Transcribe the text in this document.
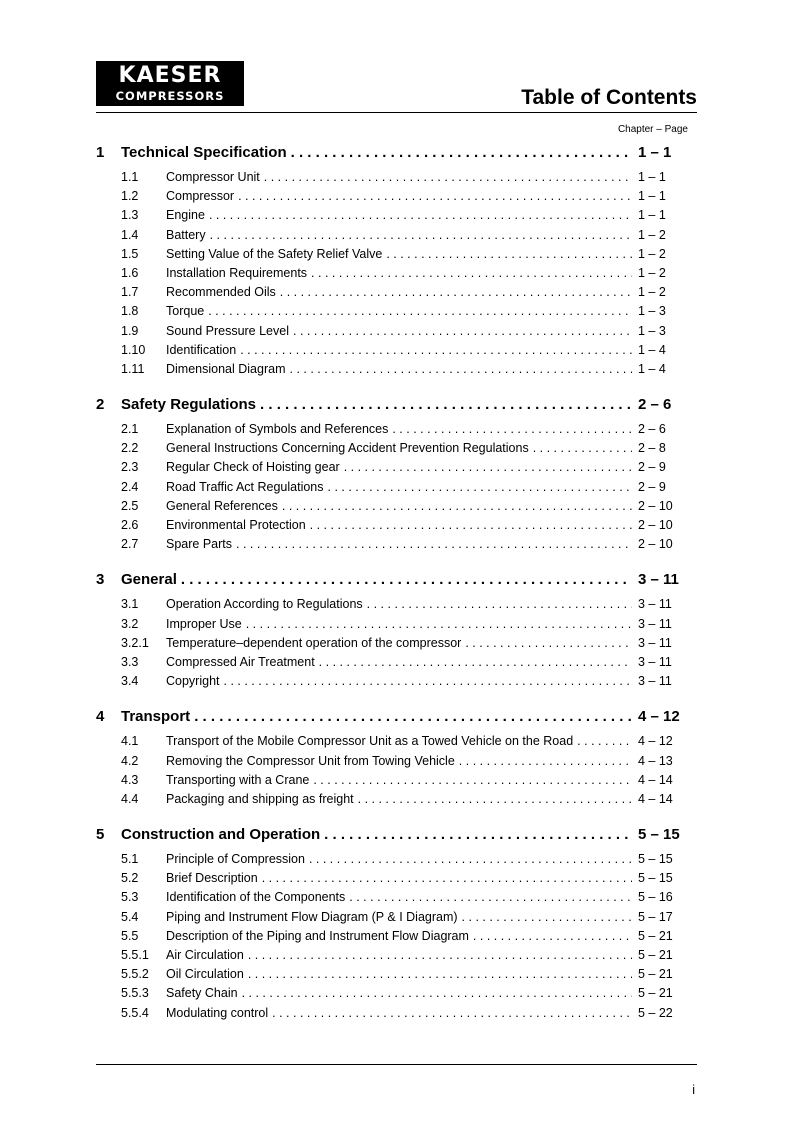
KAESER
COMPRESSORS	Table of Contents
Chapter – Page
1	Technical Specification . . .	1 – 1
1.1	Compressor Unit . . .	1 – 1
1.2	Compressor . . .	1 – 1
1.3	Engine . . .	1 – 1
1.4	Battery . . .	1 – 2
1.5	Setting Value of the Safety Relief Valve . . .	1 – 2
1.6	Installation Requirements . . .	1 – 2
1.7	Recommended Oils . . .	1 – 2
1.8	Torque . . .	1 – 3
1.9	Sound Pressure Level . . .	1 – 3
1.10	Identification . . .	1 – 4
1.11	Dimensional Diagram . . .	1 – 4
2	Safety Regulations . . .	2 – 6
2.1	Explanation of Symbols and References . . .	2 – 6
2.2	General Instructions Concerning Accident Prevention Regulations . . .	2 – 8
2.3	Regular Check of Hoisting gear . . .	2 – 9
2.4	Road Traffic Act Regulations . . .	2 – 9
2.5	General References . . .	2 – 10
2.6	Environmental Protection . . .	2 – 10
2.7	Spare Parts . . .	2 – 10
3	General . . .	3 – 11
3.1	Operation According to Regulations . . .	3 – 11
3.2	Improper Use . . .	3 – 11
3.2.1	Temperature–dependent operation of the compressor . . .	3 – 11
3.3	Compressed Air Treatment . . .	3 – 11
3.4	Copyright . . .	3 – 11
4	Transport . . .	4 – 12
4.1	Transport of the Mobile Compressor Unit as a Towed Vehicle on the Road . . .	4 – 12
4.2	Removing the Compressor Unit from Towing Vehicle . . .	4 – 13
4.3	Transporting with a Crane . . .	4 – 14
4.4	Packaging and shipping as freight . . .	4 – 14
5	Construction and Operation . . .	5 – 15
5.1	Principle of Compression . . .	5 – 15
5.2	Brief Description . . .	5 – 15
5.3	Identification of the Components . . .	5 – 16
5.4	Piping and Instrument Flow Diagram (P & I Diagram) . . .	5 – 17
5.5	Description of the Piping and Instrument Flow Diagram . . .	5 – 21
5.5.1	Air Circulation . . .	5 – 21
5.5.2	Oil Circulation . . .	5 – 21
5.5.3	Safety Chain . . .	5 – 21
5.5.4	Modulating control . . .	5 – 22
i
